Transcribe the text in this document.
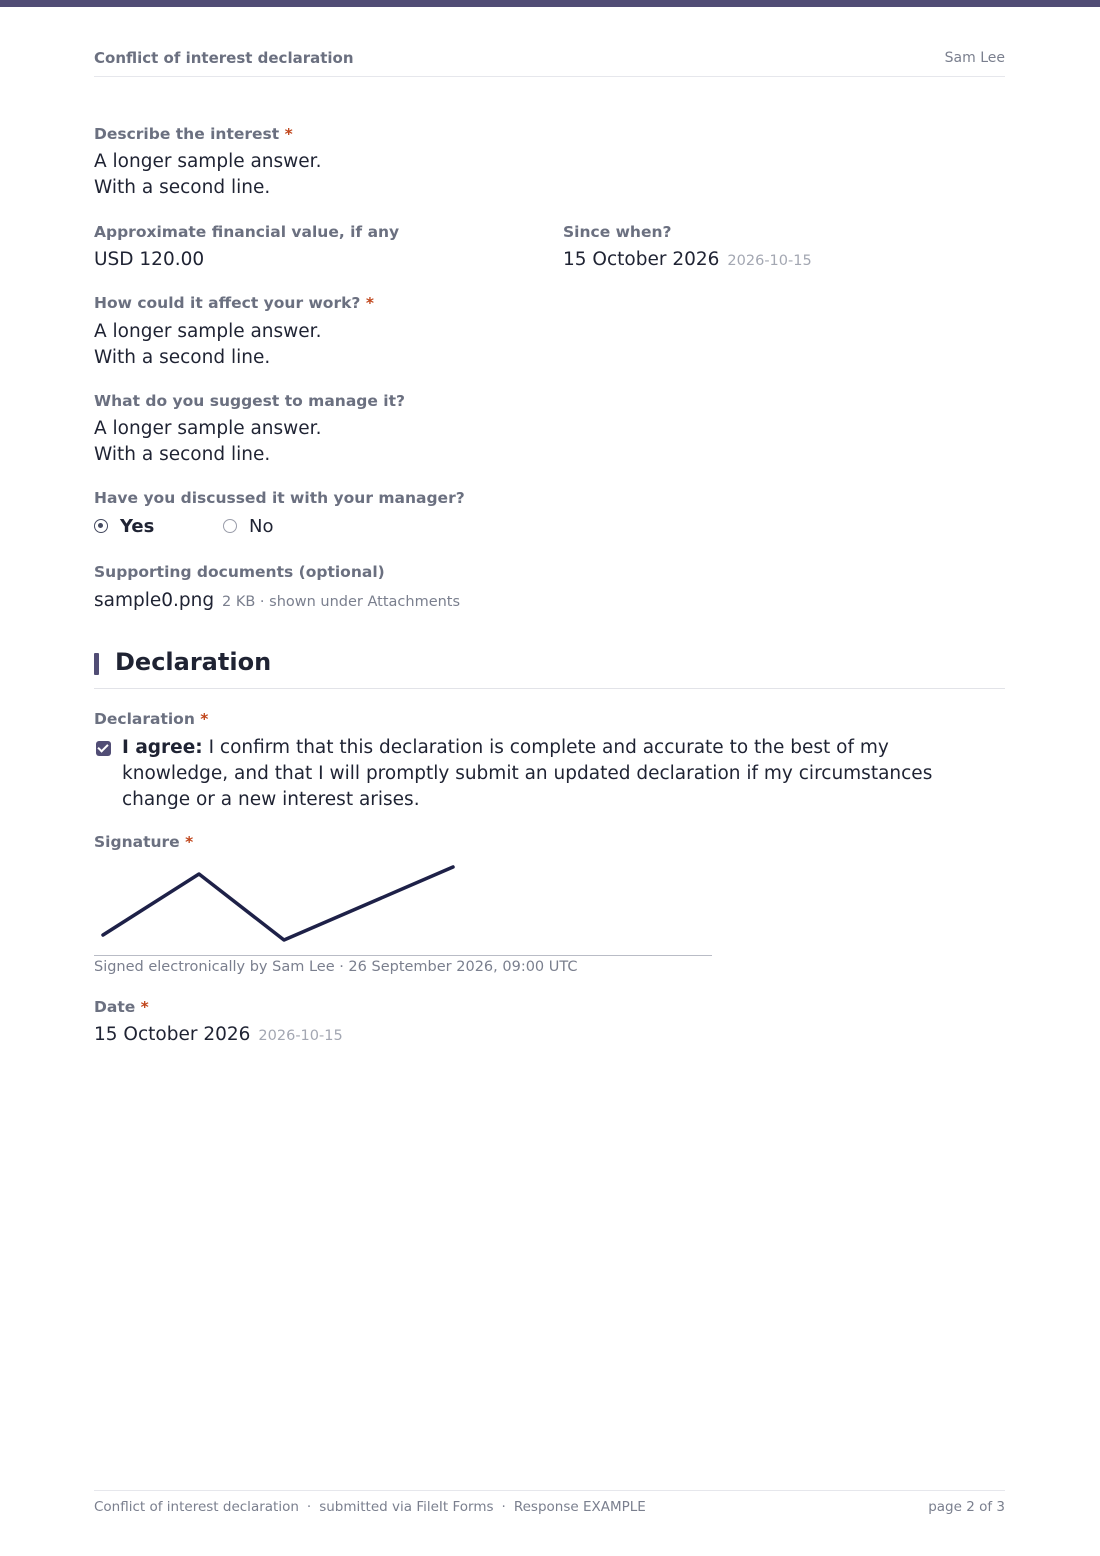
Conflict of interest declaration	Sam Lee
Describe the interest *
A longer sample answer.
With a second line.
Approximate financial value, if any
USD 120.00
Since when?
15 October 2026 2026-10-15
How could it affect your work? *
A longer sample answer.
With a second line.
What do you suggest to manage it?
A longer sample answer.
With a second line.
Have you discussed it with your manager?
Yes	No
Supporting documents (optional)
sample0.png 2 KB · shown under Attachments
Declaration
Declaration *
I agree: I confirm that this declaration is complete and accurate to the best of my knowledge, and that I will promptly submit an updated declaration if my circumstances change or a new interest arises.
Signature *
Signed electronically by Sam Lee · 26 September 2026, 09:00 UTC
Date *
15 October 2026 2026-10-15
Conflict of interest declaration · submitted via FileIt Forms · Response EXAMPLE	page 2 of 3
